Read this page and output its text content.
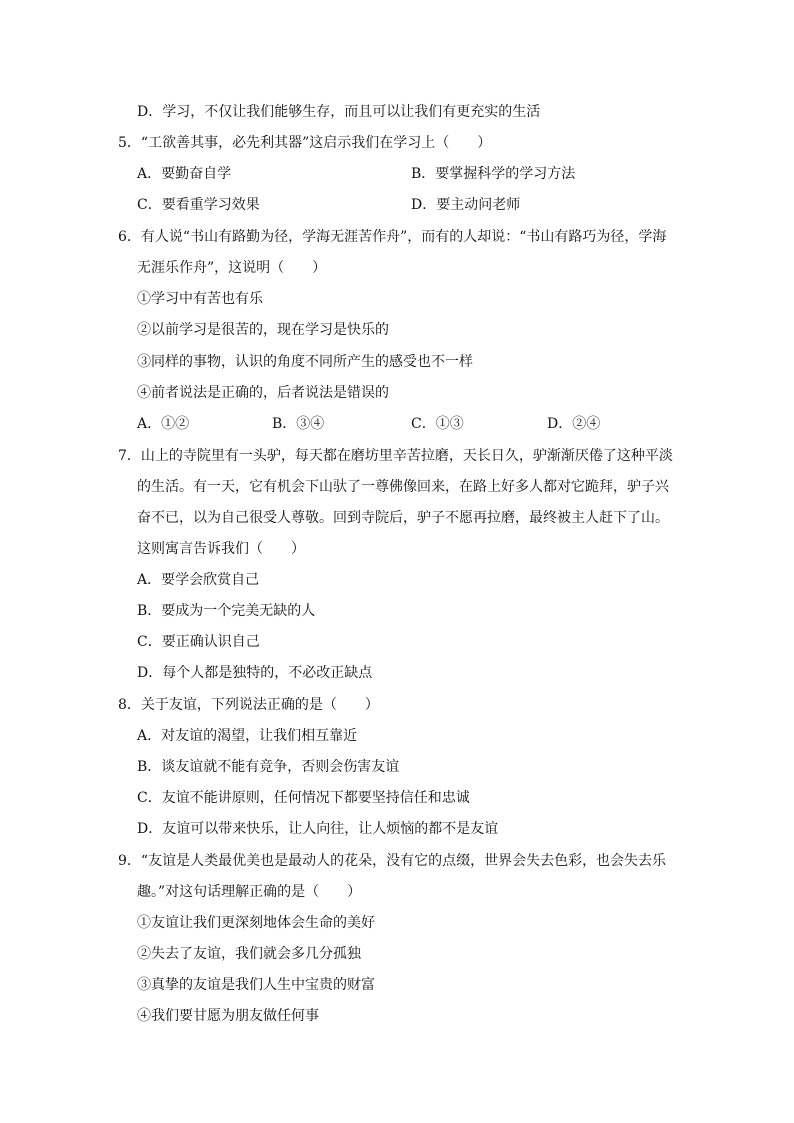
D．学习，不仅让我们能够生存，而且可以让我们有更充实的生活
5．“工欲善其事，必先利其器”这启示我们在学习上（　　）
A．要勤奋自学	B．要掌握科学的学习方法
C．要看重学习效果	D．要主动问老师
6．有人说“书山有路勤为径，学海无涯苦作舟”，而有的人却说：“书山有路巧为径，学海
无涯乐作舟”，这说明（　　）
①学习中有苦也有乐
②以前学习是很苦的，现在学习是快乐的
③同样的事物，认识的角度不同所产生的感受也不一样
④前者说法是正确的，后者说法是错误的
A．①②	B．③④	C．①③	D．②④
7．山上的寺院里有一头驴，每天都在磨坊里辛苦拉磨，天长日久，驴渐渐厌倦了这种平淡
的生活。有一天，它有机会下山驮了一尊佛像回来，在路上好多人都对它跪拜，驴子兴
奋不已，以为自己很受人尊敬。回到寺院后，驴子不愿再拉磨，最终被主人赶下了山。
这则寓言告诉我们（　　）
A．要学会欣赏自己
B．要成为一个完美无缺的人
C．要正确认识自己
D．每个人都是独特的，不必改正缺点
8．关于友谊，下列说法正确的是（　　）
A．对友谊的渴望，让我们相互靠近
B．谈友谊就不能有竞争，否则会伤害友谊
C．友谊不能讲原则，任何情况下都要坚持信任和忠诚
D．友谊可以带来快乐，让人向往，让人烦恼的都不是友谊
9．“友谊是人类最优美也是最动人的花朵，没有它的点缀，世界会失去色彩，也会失去乐
趣。”对这句话理解正确的是（　　）
①友谊让我们更深刻地体会生命的美好
②失去了友谊，我们就会多几分孤独
③真挚的友谊是我们人生中宝贵的财富
④我们要甘愿为朋友做任何事
